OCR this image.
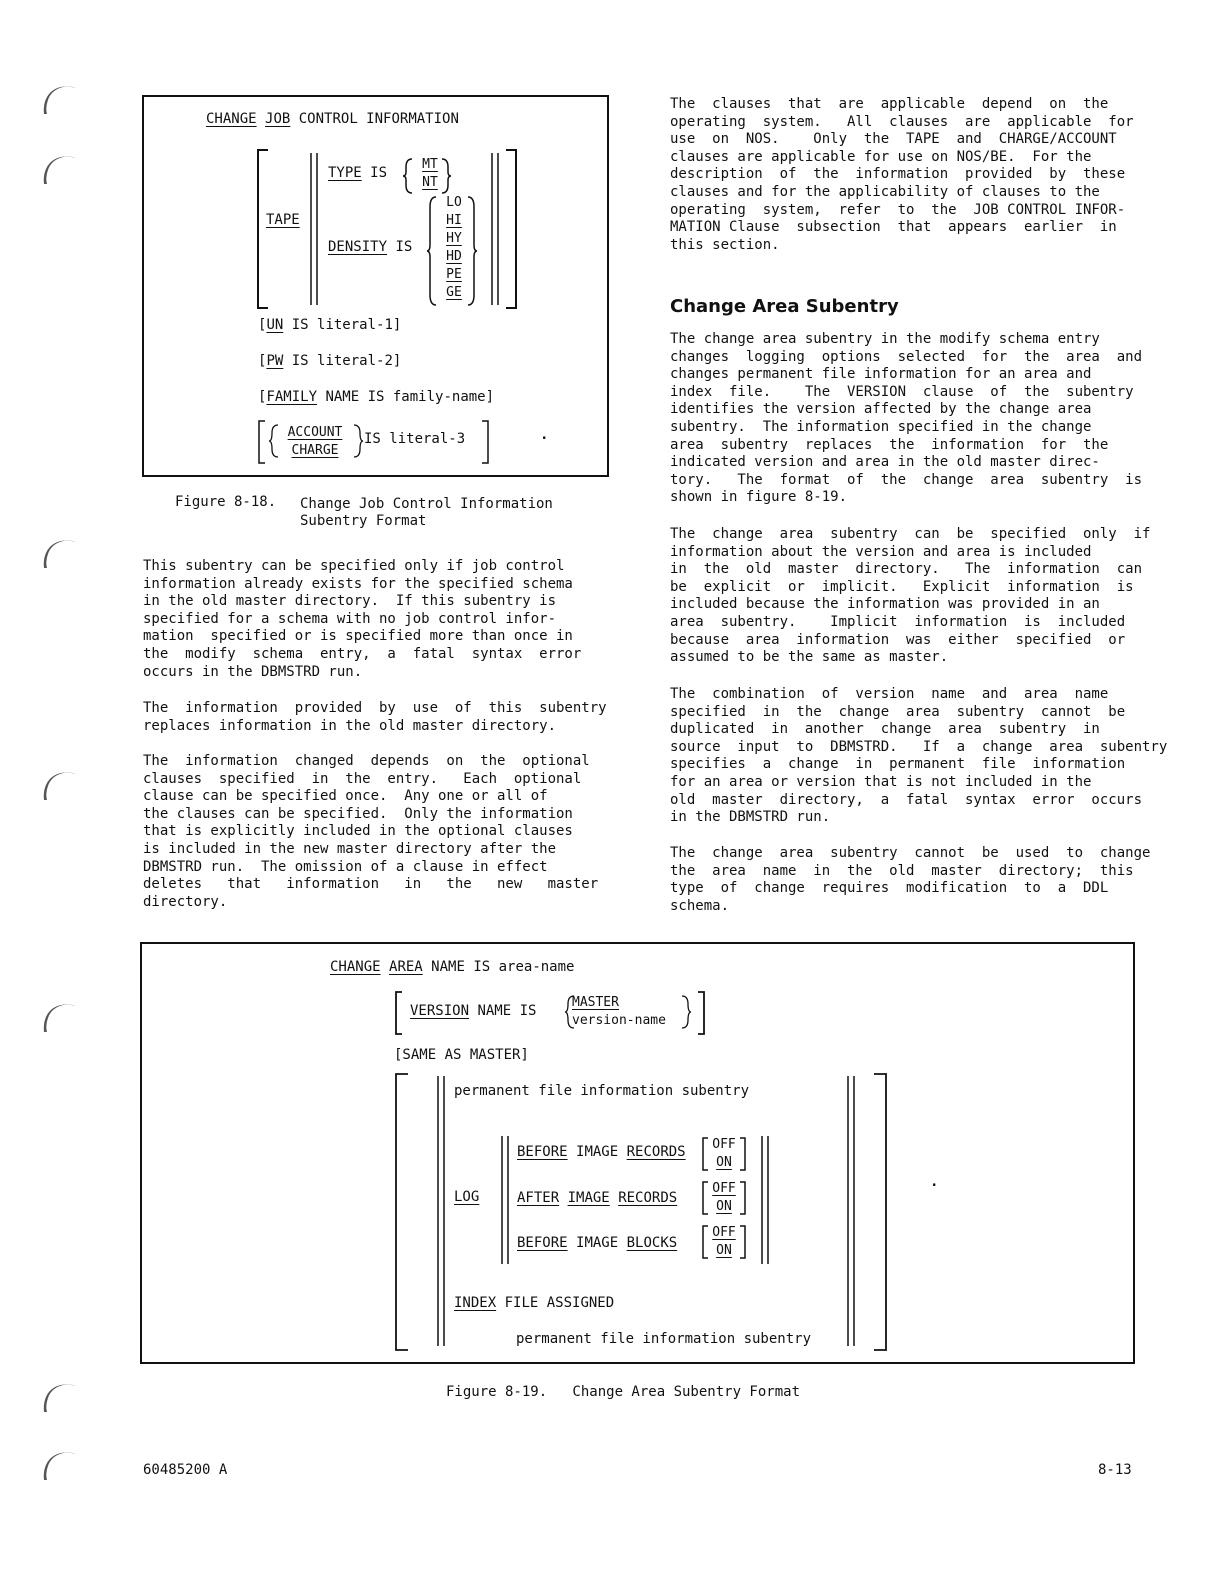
CHANGE JOB CONTROL INFORMATION
TAPE
TYPE IS
MT
NT
DENSITY IS
LO
HI
HY
HD
PE
GE
[UN IS literal-1]
[PW IS literal-2]
[FAMILY NAME IS family-name]
ACCOUNT
CHARGE
IS literal-3	.
Figure 8-18. Change Job Control Information
Subentry Format

This subentry can be specified only if job control
information already exists for the specified schema
in the old master directory.  If this subentry is
specified for a schema with no job control infor-
mation  specified or is specified more than once in
the  modify  schema  entry,  a  fatal  syntax  error
occurs in the DBMSTRD run.

The  information  provided  by  use  of  this  subentry
replaces information in the old master directory.

The  information  changed  depends  on  the  optional
clauses  specified  in  the  entry.   Each  optional
clause can be specified once.  Any one or all of
the clauses can be specified.  Only the information
that is explicitly included in the optional clauses
is included in the new master directory after the
DBMSTRD run.  The omission of a clause in effect
deletes   that   information   in   the   new   master
directory.

The  clauses  that  are  applicable  depend  on  the
operating  system.   All  clauses  are  applicable  for
use  on  NOS.    Only  the  TAPE  and  CHARGE/ACCOUNT
clauses are applicable for use on NOS/BE.  For the
description  of  the  information  provided  by  these
clauses and for the applicability of clauses to the
operating  system,  refer  to  the  JOB CONTROL INFOR-
MATION Clause  subsection  that  appears  earlier  in
this section.

Change Area Subentry

The change area subentry in the modify schema entry
changes  logging  options  selected  for  the  area  and
changes permanent file information for an area and
index  file.    The  VERSION  clause  of  the  subentry
identifies the version affected by the change area
subentry.  The information specified in the change
area  subentry  replaces  the  information  for  the
indicated version and area in the old master direc-
tory.   The  format  of  the  change  area  subentry  is
shown in figure 8-19.

The  change  area  subentry  can  be  specified  only  if
information about the version and area is included
in  the  old  master  directory.   The  information  can
be  explicit  or  implicit.   Explicit  information  is
included because the information was provided in an
area  subentry.    Implicit  information  is  included
because  area  information  was  either  specified  or
assumed to be the same as master.

The  combination  of  version  name  and  area  name
specified  in  the  change  area  subentry  cannot  be
duplicated  in  another  change  area  subentry  in
source  input  to  DBMSTRD.   If  a  change  area  subentry
specifies  a  change  in  permanent  file  information
for an area or version that is not included in the
old  master  directory,  a  fatal  syntax  error  occurs
in the DBMSTRD run.

The  change  area  subentry  cannot  be  used  to  change
the  area  name  in  the  old  master  directory;  this
type  of  change  requires  modification  to  a  DDL
schema.

CHANGE AREA NAME IS area-name
VERSION NAME IS
MASTER
version-name
[SAME AS MASTER]
permanent file information subentry
LOG
BEFORE IMAGE RECORDS
AFTER IMAGE RECORDS
BEFORE IMAGE BLOCKS
OFF
ON
OFF
ON
OFF
ON
INDEX FILE ASSIGNED
permanent file information subentry
.
Figure 8-19.   Change Area Subentry Format
60485200 A	8-13
